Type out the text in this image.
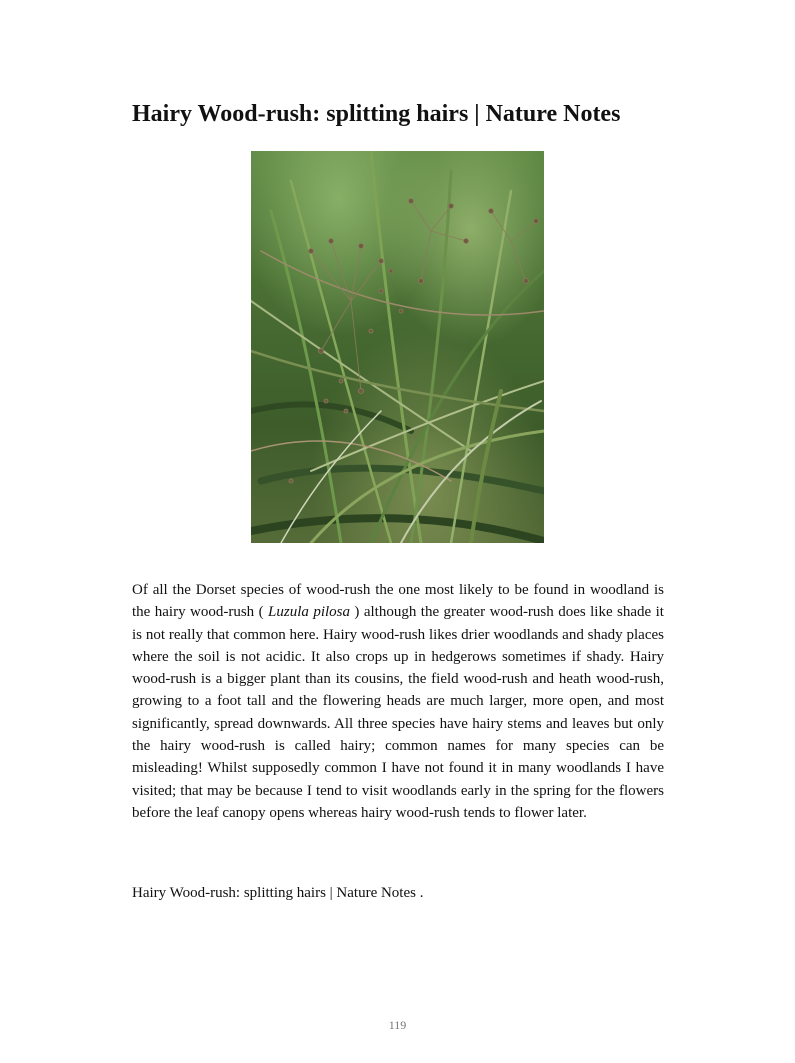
Hairy Wood-rush: splitting hairs | Nature Notes

Of all the Dorset species of wood-rush the one most likely to be found in woodland is the hairy wood-rush ( Luzula pilosa ) although the greater wood-rush does like shade it is not really that common here. Hairy wood-rush likes drier woodlands and shady places where the soil is not acidic. It also crops up in hedgerows sometimes if shady. Hairy wood-rush is a bigger plant than its cousins, the field wood-rush and heath wood-rush, growing to a foot tall and the flowering heads are much larger, more open, and most significantly, spread downwards. All three species have hairy stems and leaves but only the hairy wood-rush is called hairy; common names for many species can be misleading! Whilst supposedly common I have not found it in many woodlands I have visited; that may be because I tend to visit woodlands early in the spring for the flowers before the leaf canopy opens whereas hairy wood-rush tends to flower later.

Hairy Wood-rush: splitting hairs | Nature Notes .

119
